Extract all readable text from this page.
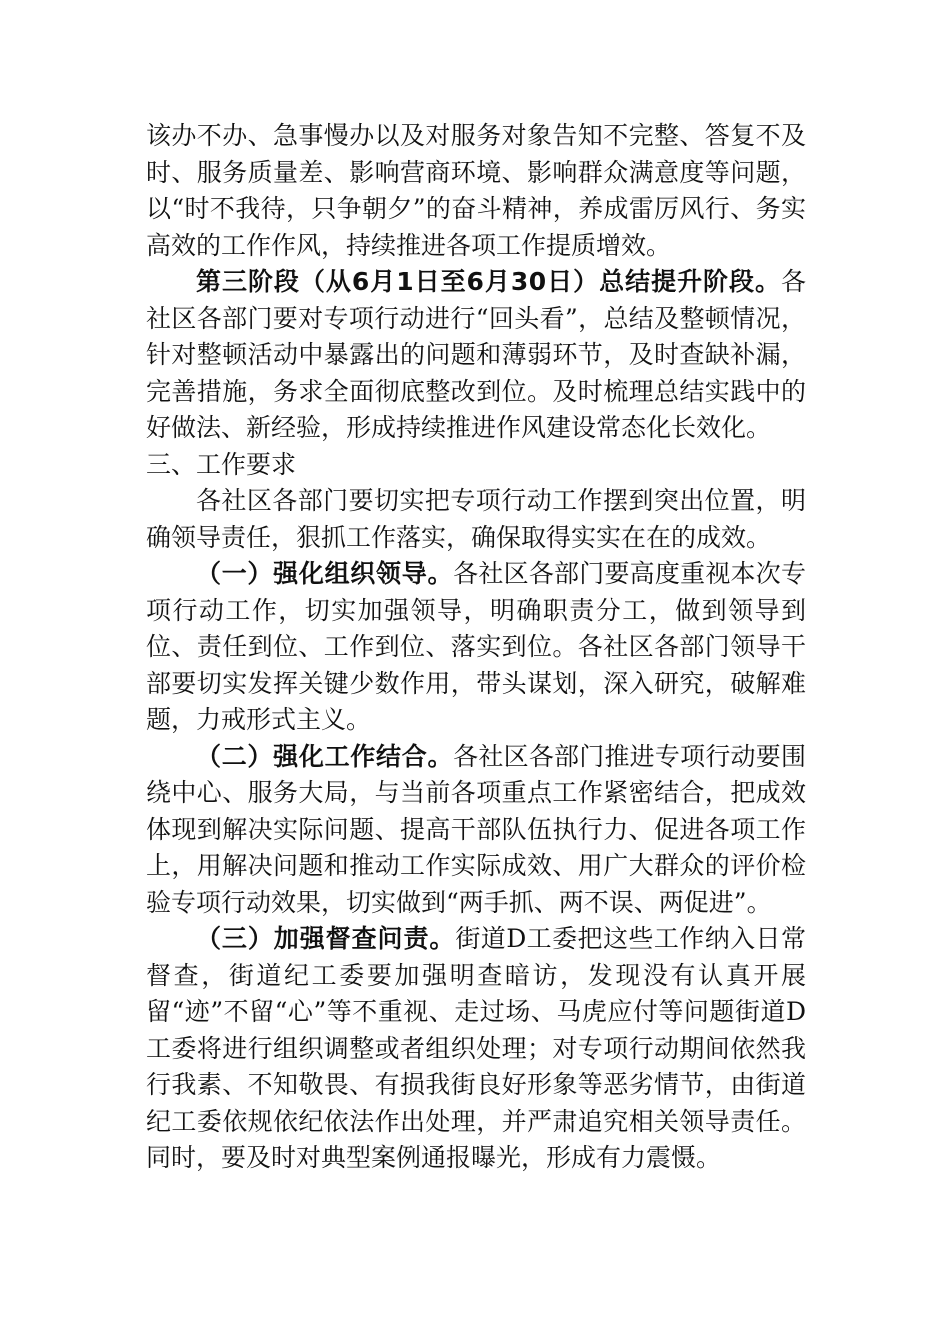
该办不办、急事慢办以及对服务对象告知不完整、答复不及时、服务质量差、影响营商环境、影响群众满意度等问题，以“时不我待，只争朝夕”的奋斗精神，养成雷厉风行、务实高效的工作作风，持续推进各项工作提质增效。

第三阶段（从6月1日至6月30日）总结提升阶段。各社区各部门要对专项行动进行“回头看”，总结及整顿情况，针对整顿活动中暴露出的问题和薄弱环节，及时查缺补漏，完善措施，务求全面彻底整改到位。及时梳理总结实践中的好做法、新经验，形成持续推进作风建设常态化长效化。

三、工作要求

各社区各部门要切实把专项行动工作摆到突出位置，明确领导责任，狠抓工作落实，确保取得实实在在的成效。

（一）强化组织领导。各社区各部门要高度重视本次专项行动工作，切实加强领导，明确职责分工，做到领导到位、责任到位、工作到位、落实到位。各社区各部门领导干部要切实发挥关键少数作用，带头谋划，深入研究，破解难题，力戒形式主义。

（二）强化工作结合。各社区各部门推进专项行动要围绕中心、服务大局，与当前各项重点工作紧密结合，把成效体现到解决实际问题、提高干部队伍执行力、促进各项工作上，用解决问题和推动工作实际成效、用广大群众的评价检验专项行动效果，切实做到“两手抓、两不误、两促进”。

（三）加强督查问责。街道D工委把这些工作纳入日常督查，街道纪工委要加强明查暗访，发现没有认真开展留“迹”不留“心”等不重视、走过场、马虎应付等问题街道D工委将进行组织调整或者组织处理；对专项行动期间依然我行我素、不知敬畏、有损我街良好形象等恶劣情节，由街道纪工委依规依纪依法作出处理，并严肃追究相关领导责任。同时，要及时对典型案例通报曝光，形成有力震慑。
